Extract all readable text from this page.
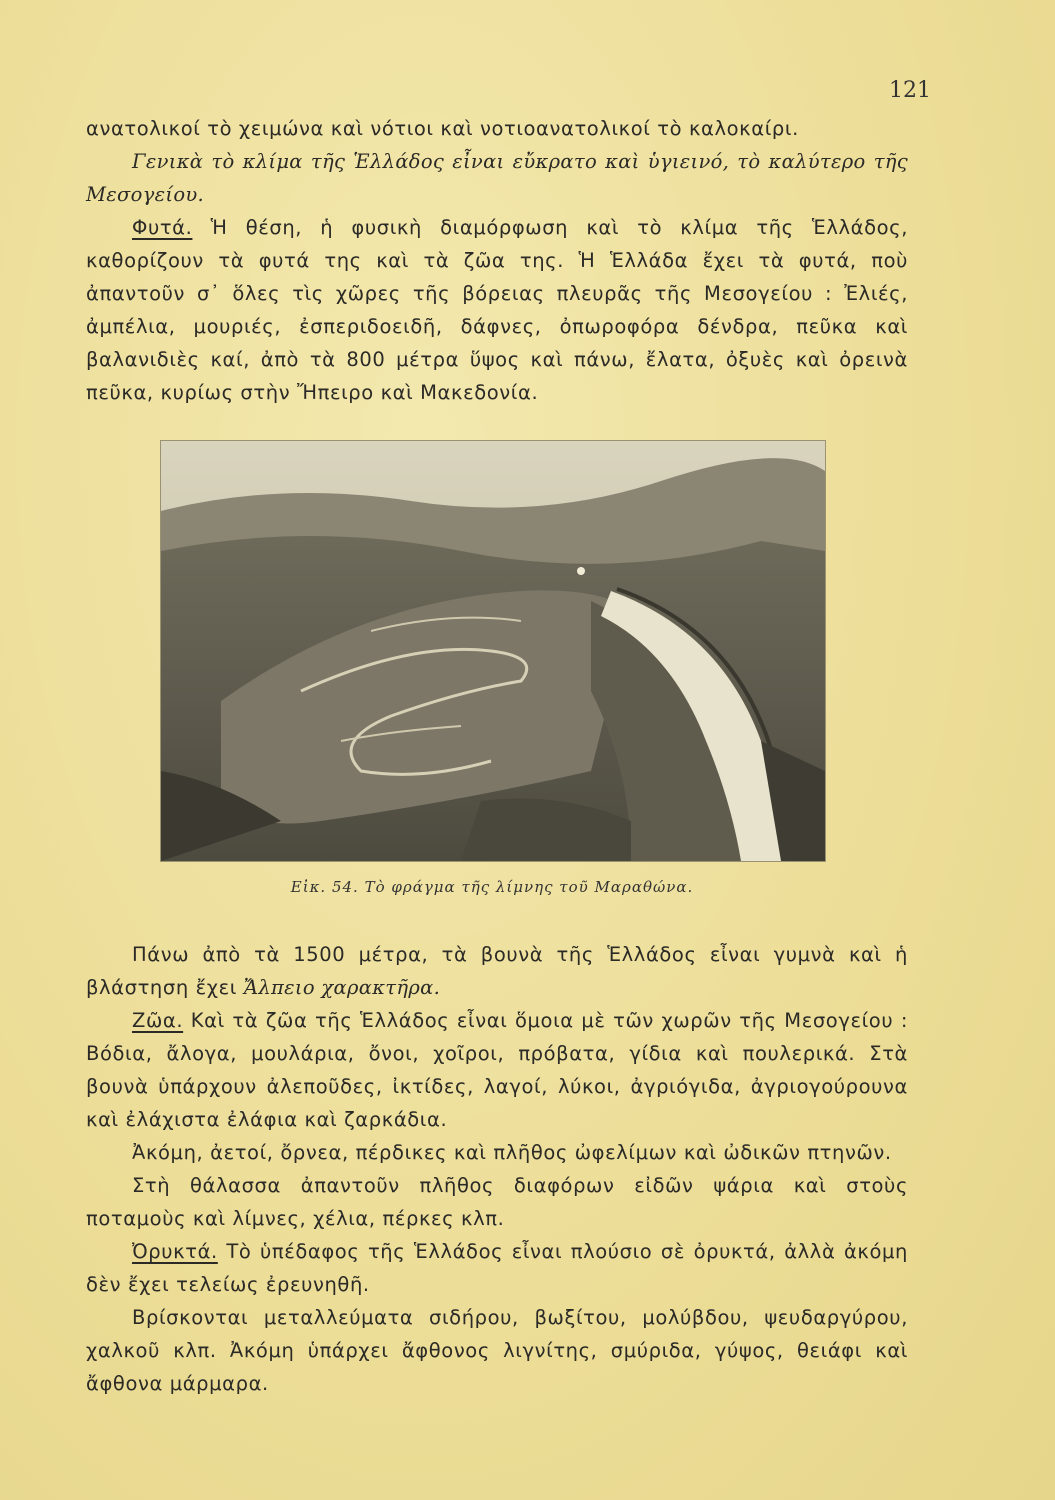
121

ανατολικοί τὸ χειμώνα καὶ νότιοι καὶ νοτιοανατολικοί τὸ καλοκαίρι.

Γενικὰ τὸ κλίμα τῆς Ἑλλάδος εἶναι εὔκρατο καὶ ὑγιεινό, τὸ καλύτερο τῆς Μεσογείου.

Φυτά. Ἡ θέση, ἡ φυσικὴ διαμόρφωση καὶ τὸ κλίμα τῆς Ἑλλάδος, καθορίζουν τὰ φυτά της καὶ τὰ ζῶα της. Ἡ Ἑλλάδα ἔχει τὰ φυτά, ποὺ ἀπαντοῦν σ᾽ ὅλες τὶς χῶρες τῆς βόρειας πλευρᾶς τῆς Μεσογείου : Ἐλιές, ἀμπέλια, μουριές, ἐσπεριδοειδῆ, δάφνες, ὀπωροφόρα δένδρα, πεῦκα καὶ βαλανιδιὲς καί, ἀπὸ τὰ 800 μέτρα ὕψος καὶ πάνω, ἔλατα, ὀξυὲς καὶ ὀρεινὰ πεῦκα, κυρίως στὴν Ἤπειρο καὶ Μακεδονία.

Εἰκ. 54. Τὸ φράγμα τῆς λίμνης τοῦ Μαραθώνα.

Πάνω ἀπὸ τὰ 1500 μέτρα, τὰ βουνὰ τῆς Ἑλλάδος εἶναι γυμνὰ καὶ ἡ βλάστηση ἔχει Ἄλπειο χαρακτῆρα.

Ζῶα. Καὶ τὰ ζῶα τῆς Ἑλλάδος εἶναι ὅμοια μὲ τῶν χωρῶν τῆς Μεσογείου : Βόδια, ἄλογα, μουλάρια, ὄνοι, χοῖροι, πρόβατα, γίδια καὶ πουλερικά. Στὰ βουνὰ ὑπάρχουν ἀλεποῦδες, ἰκτίδες, λαγοί, λύκοι, ἀγριόγιδα, ἀγριογούρουνα καὶ ἐλάχιστα ἐλάφια καὶ ζαρκάδια.

Ἀκόμη, ἀετοί, ὄρνεα, πέρδικες καὶ πλῆθος ὠφελίμων καὶ ὠδικῶν πτηνῶν.

Στὴ θάλασσα ἀπαντοῦν πλῆθος διαφόρων εἰδῶν ψάρια καὶ στοὺς ποταμοὺς καὶ λίμνες, χέλια, πέρκες κλπ.

Ὀρυκτά. Τὸ ὑπέδαφος τῆς Ἑλλάδος εἶναι πλούσιο σὲ ὀρυκτά, ἀλλὰ ἀκόμη δὲν ἔχει τελείως ἐρευνηθῆ.

Βρίσκονται μεταλλεύματα σιδήρου, βωξίτου, μολύβδου, ψευδαργύρου, χαλκοῦ κλπ. Ἀκόμη ὑπάρχει ἄφθονος λιγνίτης, σμύριδα, γύψος, θειάφι καὶ ἄφθονα μάρμαρα.
